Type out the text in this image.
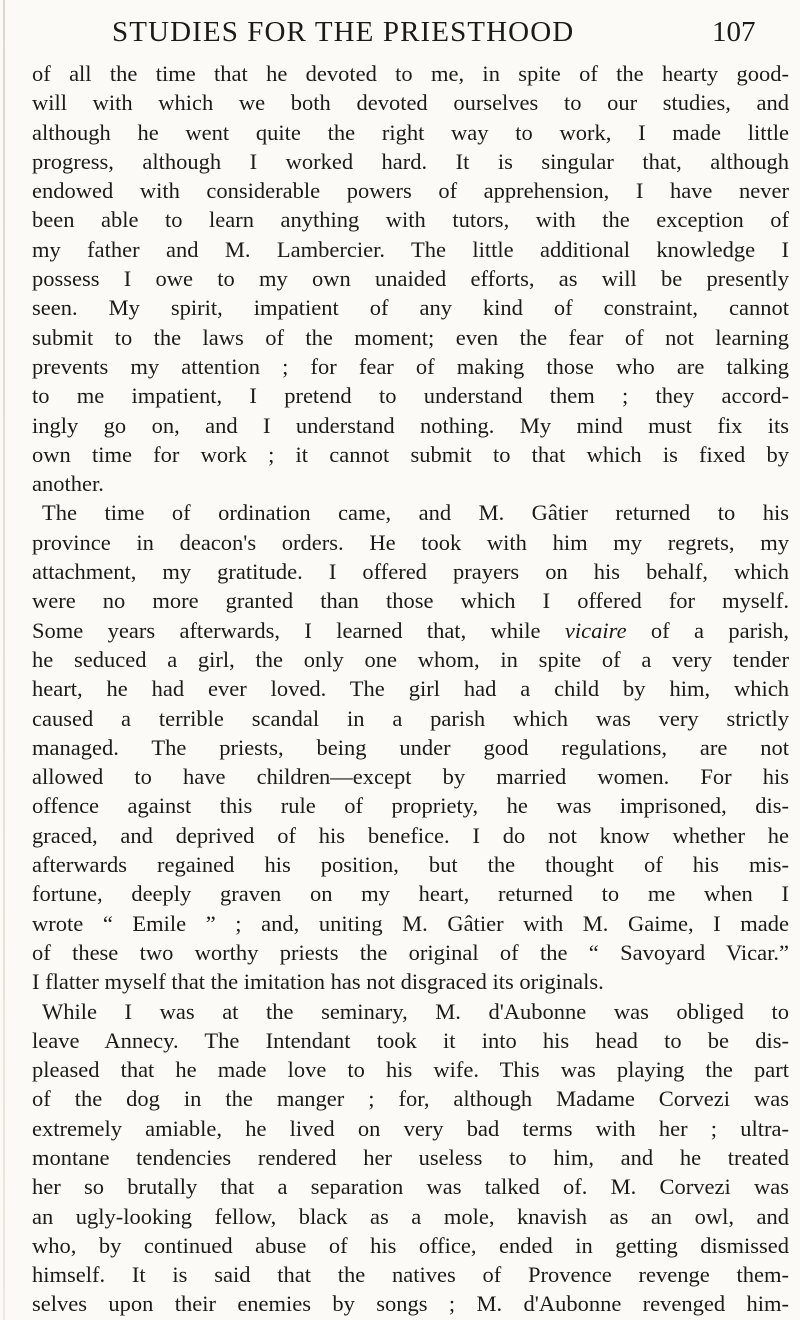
STUDIES FOR THE PRIESTHOOD	107
of all the time that he devoted to me, in spite of the hearty good-
will with which we both devoted ourselves to our studies, and
although he went quite the right way to work, I made little
progress, although I worked hard. It is singular that, although
endowed with considerable powers of apprehension, I have never
been able to learn anything with tutors, with the exception of
my father and M. Lambercier. The little additional knowledge I
possess I owe to my own unaided efforts, as will be presently
seen. My spirit, impatient of any kind of constraint, cannot
submit to the laws of the moment; even the fear of not learning
prevents my attention ; for fear of making those who are talking
to me impatient, I pretend to understand them ; they accord-
ingly go on, and I understand nothing. My mind must fix its
own time for work ; it cannot submit to that which is fixed by
another.
The time of ordination came, and M. Gâtier returned to his
province in deacon's orders. He took with him my regrets, my
attachment, my gratitude. I offered prayers on his behalf, which
were no more granted than those which I offered for myself.
Some years afterwards, I learned that, while vicaire of a parish,
he seduced a girl, the only one whom, in spite of a very tender
heart, he had ever loved. The girl had a child by him, which
caused a terrible scandal in a parish which was very strictly
managed. The priests, being under good regulations, are not
allowed to have children—except by married women. For his
offence against this rule of propriety, he was imprisoned, dis-
graced, and deprived of his benefice. I do not know whether he
afterwards regained his position, but the thought of his mis-
fortune, deeply graven on my heart, returned to me when I
wrote “ Emile ” ; and, uniting M. Gâtier with M. Gaime, I made
of these two worthy priests the original of the “ Savoyard Vicar.”
I flatter myself that the imitation has not disgraced its originals.
While I was at the seminary, M. d'Aubonne was obliged to
leave Annecy. The Intendant took it into his head to be dis-
pleased that he made love to his wife. This was playing the part
of the dog in the manger ; for, although Madame Corvezi was
extremely amiable, he lived on very bad terms with her ; ultra-
montane tendencies rendered her useless to him, and he treated
her so brutally that a separation was talked of. M. Corvezi was
an ugly-looking fellow, black as a mole, knavish as an owl, and
who, by continued abuse of his office, ended in getting dismissed
himself. It is said that the natives of Provence revenge them-
selves upon their enemies by songs ; M. d'Aubonne revenged him-
